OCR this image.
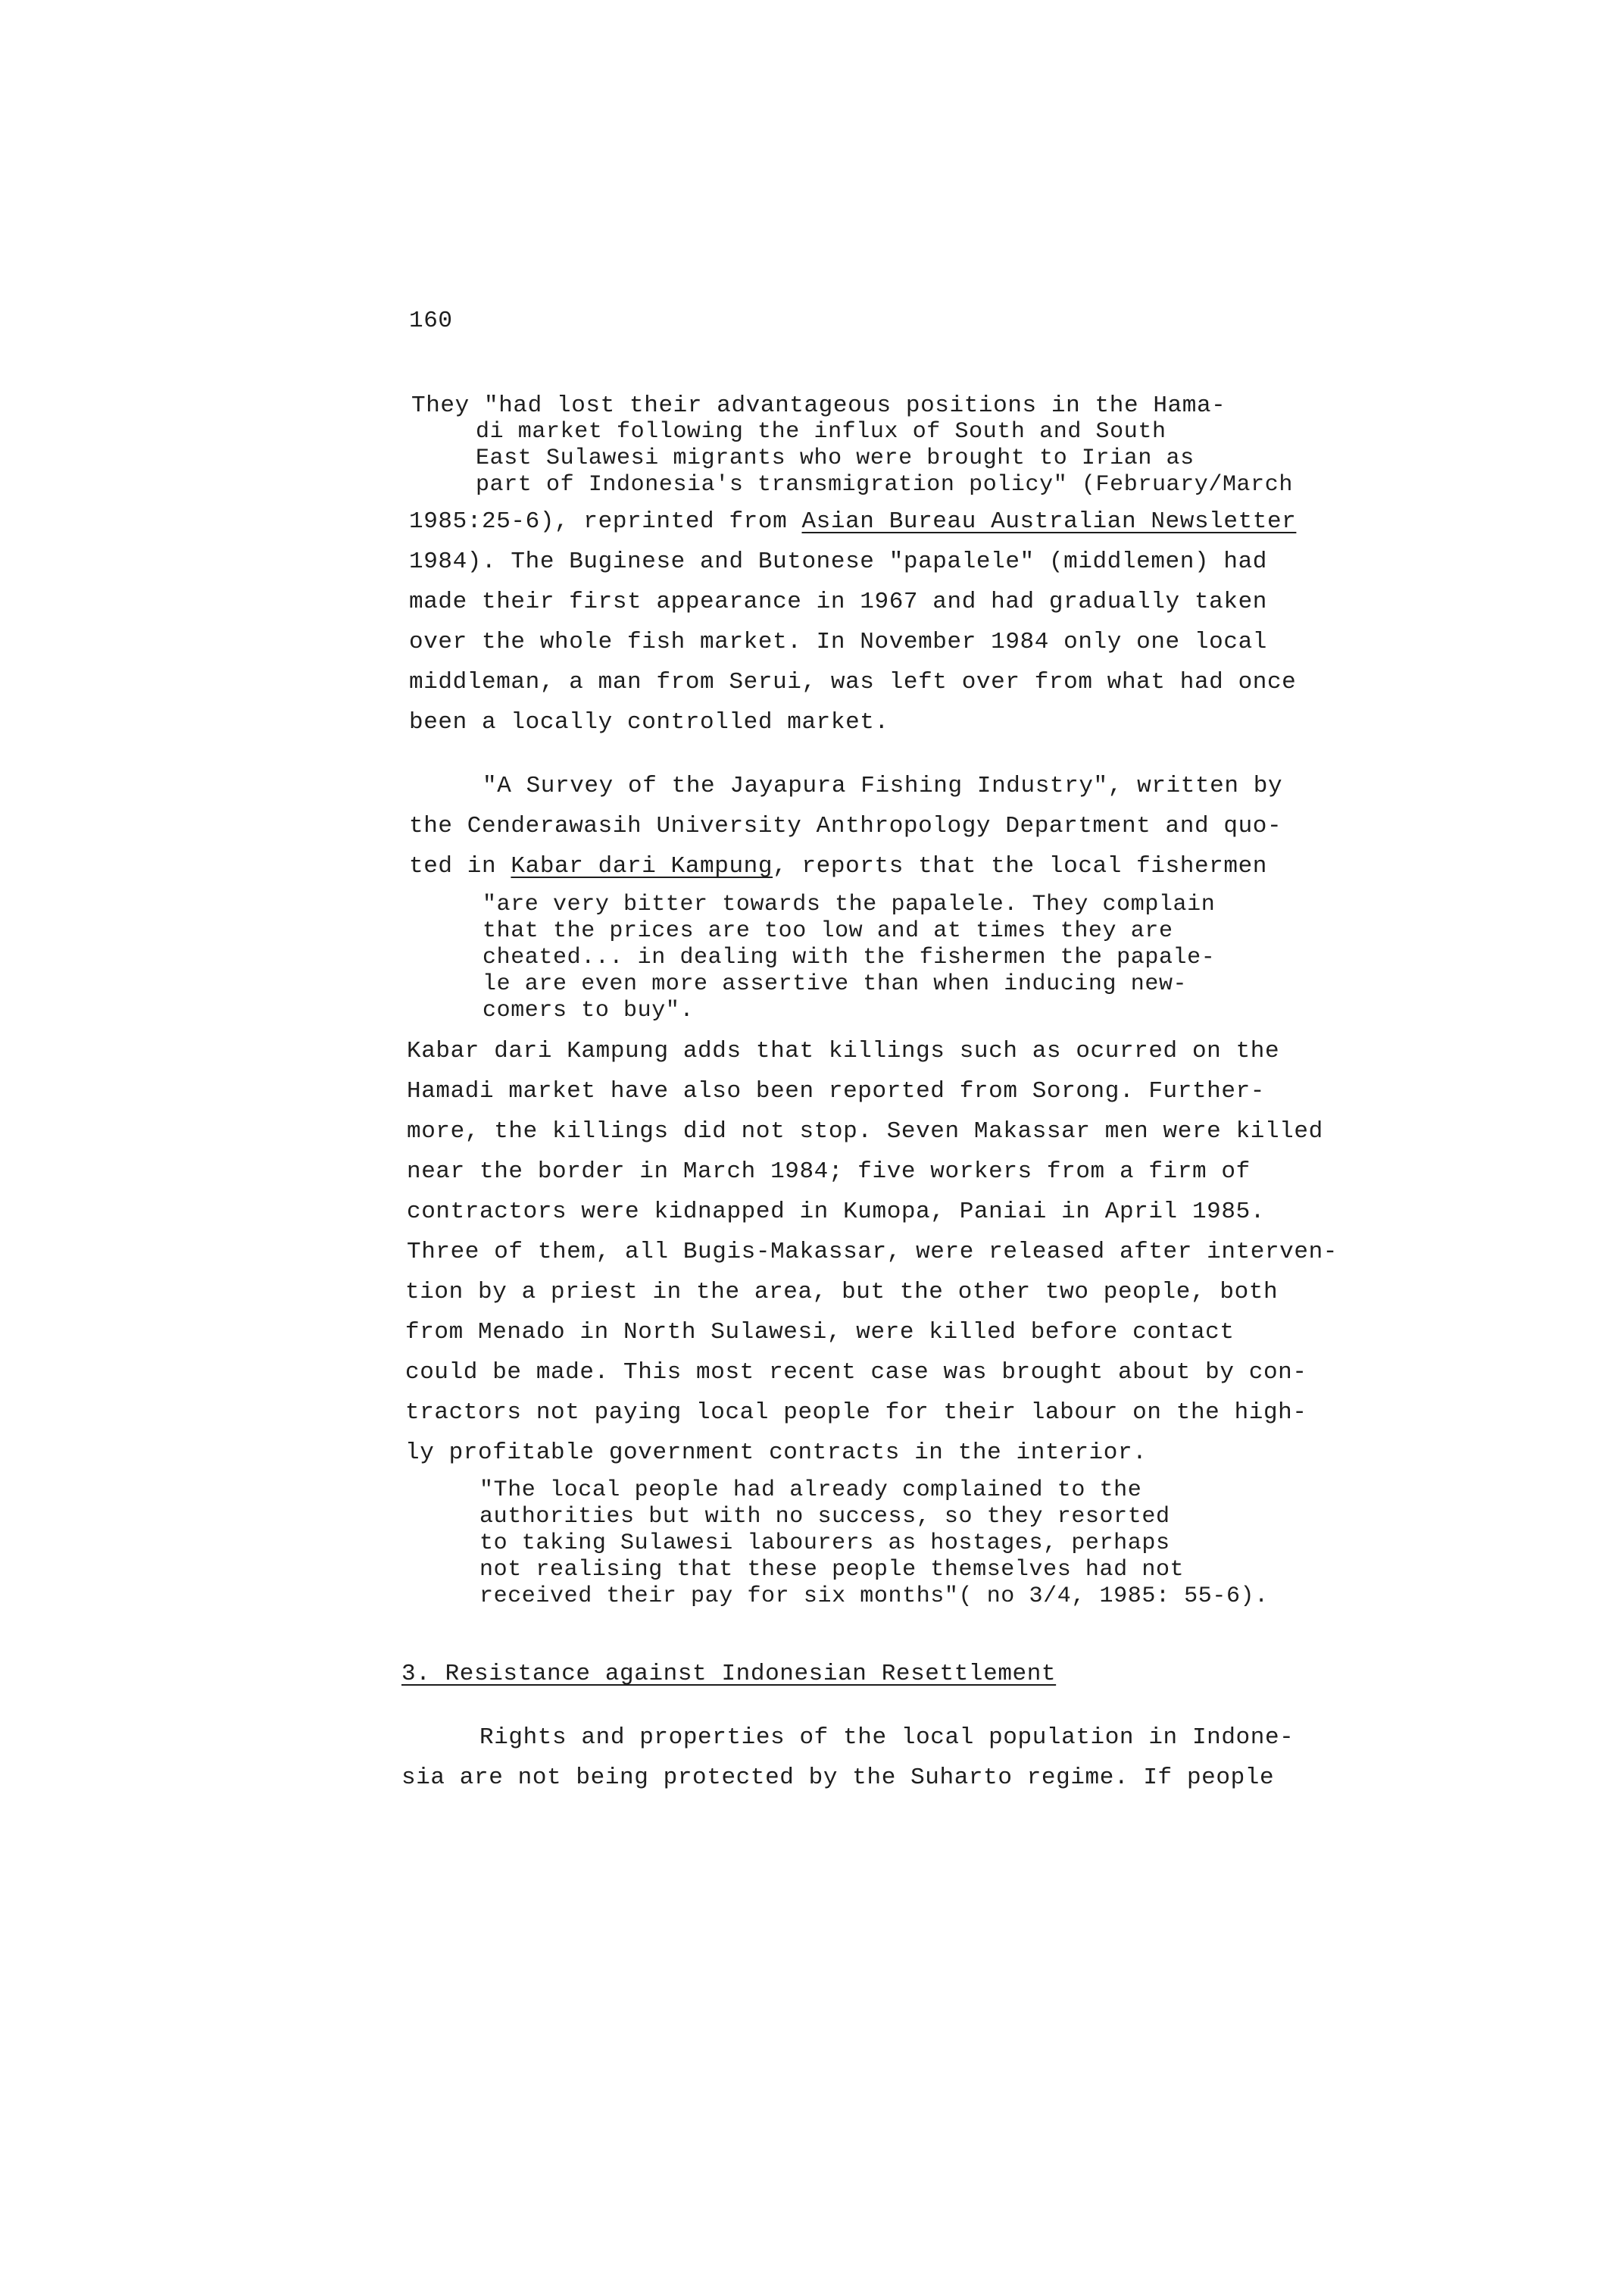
160
They "had lost their advantageous positions in the Hama-
di market following the influx of South and South
East Sulawesi migrants who were brought to Irian as
part of Indonesia's transmigration policy" (February/March
1985:25-6), reprinted from Asian Bureau Australian Newsletter
1984). The Buginese and Butonese "papalele" (middlemen) had
made their first appearance in 1967 and had gradually taken
over the whole fish market. In November 1984 only one local
middleman, a man from Serui, was left over from what had once
been a locally controlled market.
"A Survey of the Jayapura Fishing Industry", written by
the Cenderawasih University Anthropology Department and quo-
ted in Kabar dari Kampung, reports that the local fishermen
"are very bitter towards the papalele. They complain
that the prices are too low and at times they are
cheated... in dealing with the fishermen the papale-
le are even more assertive than when inducing new-
comers to buy".
Kabar dari Kampung adds that killings such as ocurred on the
Hamadi market have also been reported from Sorong. Further-
more, the killings did not stop. Seven Makassar men were killed
near the border in March 1984; five workers from a firm of
contractors were kidnapped in Kumopa, Paniai in April 1985.
Three of them, all Bugis-Makassar, were released after interven-
tion by a priest in the area, but the other two people, both
from Menado in North Sulawesi, were killed before contact
could be made. This most recent case was brought about by con-
tractors not paying local people for their labour on the high-
ly profitable government contracts in the interior.
"The local people had already complained to the
authorities but with no success, so they resorted
to taking Sulawesi labourers as hostages, perhaps
not realising that these people themselves had not
received their pay for six months"( no 3/4, 1985: 55-6).
3. Resistance against Indonesian Resettlement
Rights and properties of the local population in Indone-
sia are not being protected by the Suharto regime. If people
